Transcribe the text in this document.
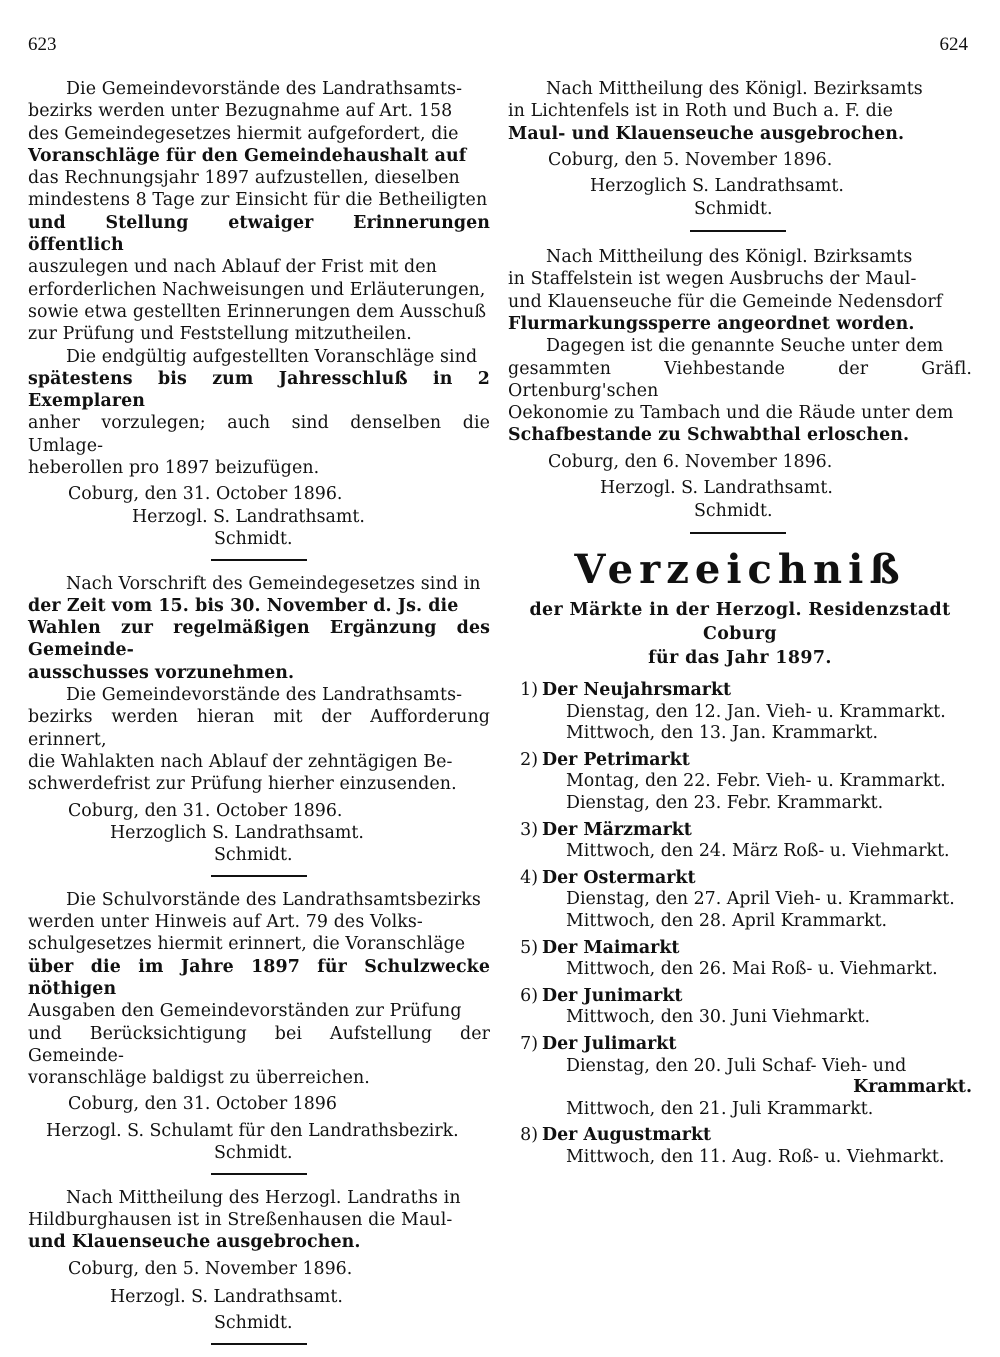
623	624
Die Gemeindevorstände des Landrathsamts-
bezirks werden unter Bezugnahme auf Art. 158
des Gemeindegesetzes hiermit aufgefordert, die
Voranschläge für den Gemeindehaushalt auf
das Rechnungsjahr 1897 aufzustellen, dieselben
mindestens 8 Tage zur Einsicht für die Betheiligten
und Stellung etwaiger Erinnerungen öffentlich
auszulegen und nach Ablauf der Frist mit den
erforderlichen Nachweisungen und Erläuterungen,
sowie etwa gestellten Erinnerungen dem Ausschuß
zur Prüfung und Feststellung mitzutheilen.
Die endgültig aufgestellten Voranschläge sind
spätestens bis zum Jahresschluß in 2 Exemplaren
anher vorzulegen; auch sind denselben die Umlage-
heberollen pro 1897 beizufügen.
Coburg, den 31. October 1896.
Herzogl. S. Landrathsamt.
Schmidt.
Nach Vorschrift des Gemeindegesetzes sind in
der Zeit vom 15. bis 30. November d. Js. die
Wahlen zur regelmäßigen Ergänzung des Gemeinde-
ausschusses vorzunehmen.
Die Gemeindevorstände des Landrathsamts-
bezirks werden hieran mit der Aufforderung erinnert,
die Wahlakten nach Ablauf der zehntägigen Be-
schwerdefrist zur Prüfung hierher einzusenden.
Coburg, den 31. October 1896.
Herzoglich S. Landrathsamt.
Schmidt.
Die Schulvorstände des Landrathsamtsbezirks
werden unter Hinweis auf Art. 79 des Volks-
schulgesetzes hiermit erinnert, die Voranschläge
über die im Jahre 1897 für Schulzwecke nöthigen
Ausgaben den Gemeindevorständen zur Prüfung
und Berücksichtigung bei Aufstellung der Gemeinde-
voranschläge baldigst zu überreichen.
Coburg, den 31. October 1896
Herzogl. S. Schulamt für den Landrathsbezirk.
Schmidt.
Nach Mittheilung des Herzogl. Landraths in
Hildburghausen ist in Streßenhausen die Maul-
und Klauenseuche ausgebrochen.
Coburg, den 5. November 1896.
Herzogl. S. Landrathsamt.
Schmidt.
Nach Mittheilung des Königl. Bezirksamts
in Lichtenfels ist in Roth und Buch a. F. die
Maul- und Klauenseuche ausgebrochen.
Coburg, den 5. November 1896.
Herzoglich S. Landrathsamt.
Schmidt.
Nach Mittheilung des Königl. Bzirksamts
in Staffelstein ist wegen Ausbruchs der Maul-
und Klauenseuche für die Gemeinde Nedensdorf
Flurmarkungssperre angeordnet worden.
Dagegen ist die genannte Seuche unter dem
gesammten Viehbestande der Gräfl. Ortenburg'schen
Oekonomie zu Tambach und die Räude unter dem
Schafbestande zu Schwabthal erloschen.
Coburg, den 6. November 1896.
Herzogl. S. Landrathsamt.
Schmidt.
Verzeichniß
der Märkte in der Herzogl. Residenzstadt Coburg
für das Jahr 1897.
1) Der Neujahrsmarkt
Dienstag, den 12. Jan. Vieh- u. Krammarkt.
Mittwoch, den 13. Jan. Krammarkt.
2) Der Petrimarkt
Montag, den 22. Febr. Vieh- u. Krammarkt.
Dienstag, den 23. Febr. Krammarkt.
3) Der Märzmarkt
Mittwoch, den 24. März Roß- u. Viehmarkt.
4) Der Ostermarkt
Dienstag, den 27. April Vieh- u. Krammarkt.
Mittwoch, den 28. April Krammarkt.
5) Der Maimarkt
Mittwoch, den 26. Mai Roß- u. Viehmarkt.
6) Der Junimarkt
Mittwoch, den 30. Juni Viehmarkt.
7) Der Julimarkt
Dienstag, den 20. Juli Schaf- Vieh- und
Krammarkt.
Mittwoch, den 21. Juli Krammarkt.
8) Der Augustmarkt
Mittwoch, den 11. Aug. Roß- u. Viehmarkt.
